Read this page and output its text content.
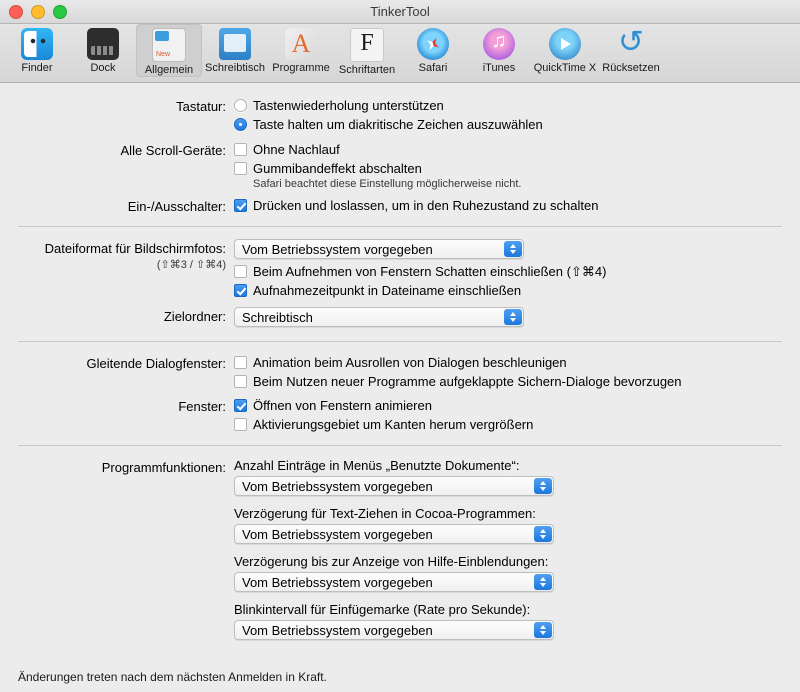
TinkerTool
Finder	Dock
New	Allgemein	Schreibtisch
A Programme
F Schriftarten	Safari
♫	iTunes	QuickTime X
↺ Rücksetzen
Tastatur:	Tastenwiederholung unterstützen
Taste halten um diakritische Zeichen auszuwählen
Alle Scroll-Geräte:	Ohne Nachlauf
Gummibandeffekt abschalten
Safari beachtet diese Einstellung möglicherweise nicht.
Ein-/Ausschalter:	Drücken und loslassen, um in den Ruhezustand zu schalten
Dateiformat für Bildschirmfotos:
(⇧⌘3 / ⇧⌘4)
Vom Betriebssystem vorgegeben
Beim Aufnehmen von Fenstern Schatten einschließen (⇧⌘4)
Aufnahmezeitpunkt in Dateiname einschließen
Zielordner:	Schreibtisch
Gleitende Dialogfenster:	Animation beim Ausrollen von Dialogen beschleunigen
Beim Nutzen neuer Programme aufgeklappte Sichern-Dialoge bevorzugen
Fenster:	Öffnen von Fenstern animieren
Aktivierungsgebiet um Kanten herum vergrößern
Programmfunktionen: Anzahl Einträge in Menüs „Benutzte Dokumente“:
Vom Betriebssystem vorgegeben
Verzögerung für Text-Ziehen in Cocoa-Programmen:
Vom Betriebssystem vorgegeben
Verzögerung bis zur Anzeige von Hilfe-Einblendungen:
Vom Betriebssystem vorgegeben
Blinkintervall für Einfügemarke (Rate pro Sekunde):
Vom Betriebssystem vorgegeben
Änderungen treten nach dem nächsten Anmelden in Kraft.
